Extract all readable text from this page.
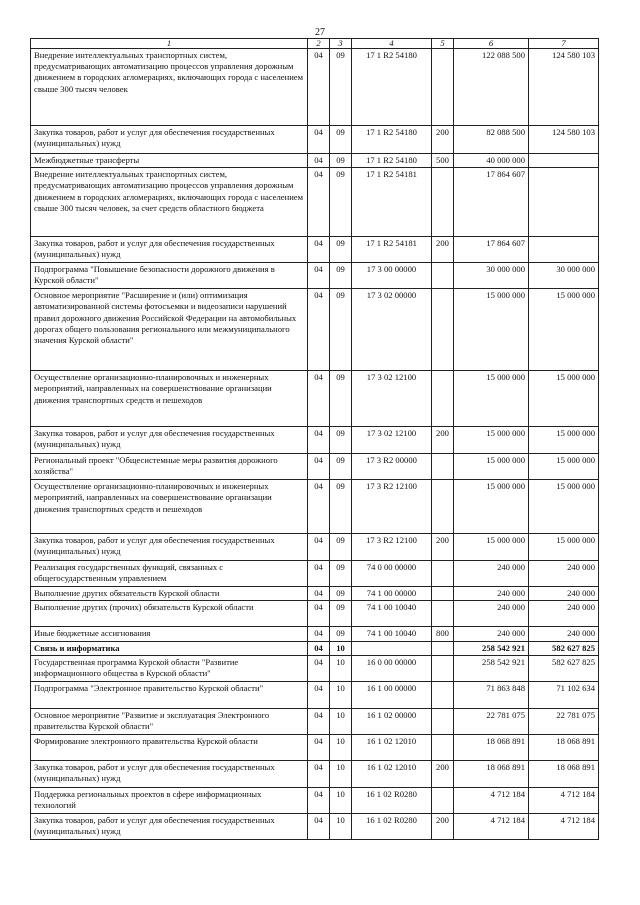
27
1	2	3	4	5	6	7
Внедрение интеллектуальных транспортных систем, предусматривающих автоматизацию процессов управления дорожным движением в городских агломерациях, включающих города с населением свыше 300 тысяч человек	04	09	17 1 R2 54180		122 088 500	124 580 103
Закупка товаров, работ и услуг для обеспечения государственных (муниципальных) нужд	04	09	17 1 R2 54180	200	82 088 500	124 580 103
Межбюджетные трансферты	04	09	17 1 R2 54180	500	40 000 000	
Внедрение интеллектуальных транспортных систем, предусматривающих автоматизацию процессов управления дорожным движением в городских агломерациях, включающих города с населением свыше 300 тысяч человек, за счет средств областного бюджета	04	09	17 1 R2 54181		17 864 607	
Закупка товаров, работ и услуг для обеспечения государственных (муниципальных) нужд	04	09	17 1 R2 54181	200	17 864 607	
Подпрограмма "Повышение безопасности дорожного движения в Курской области"	04	09	17 3 00 00000		30 000 000	30 000 000
Основное мероприятие "Расширение и (или) оптимизация автоматизированной системы фотосъемки и видеозаписи нарушений правил дорожного движения Российской Федерации на автомобильных дорогах общего пользования регионального или межмуниципального значения Курской области"	04	09	17 3 02 00000		15 000 000	15 000 000
Осуществление организационно-планировочных и инженерных мероприятий, направленных на совершенствование организации движения транспортных средств и пешеходов	04	09	17 3 02 12100		15 000 000	15 000 000
Закупка товаров, работ и услуг для обеспечения государственных (муниципальных) нужд	04	09	17 3 02 12100	200	15 000 000	15 000 000
Региональный проект "Общесистемные меры развития дорожного хозяйства"	04	09	17 3 R2 00000		15 000 000	15 000 000
Осуществление организационно-планировочных и инженерных мероприятий, направленных на совершенствование организации движения транспортных средств и пешеходов	04	09	17 3 R2 12100		15 000 000	15 000 000
Закупка товаров, работ и услуг для обеспечения государственных (муниципальных) нужд	04	09	17 3 R2 12100	200	15 000 000	15 000 000
Реализация государственных функций, связанных с общегосударственным управлением	04	09	74 0 00 00000		240 000	240 000
Выполнение других обязательств Курской области	04	09	74 1 00 00000		240 000	240 000
Выполнение других (прочих) обязательств Курской области	04	09	74 1 00 10040		240 000	240 000
Иные бюджетные ассигнования	04	09	74 1 00 10040	800	240 000	240 000
Связь и информатика	04	10			258 542 921	582 627 825
Государственная программа Курской области "Развитие информационного общества в Курской области"	04	10	16 0 00 00000		258 542 921	582 627 825
Подпрограмма "Электронное правительство Курской области"	04	10	16 1 00 00000		71 863 848	71 102 634
Основное мероприятие "Развитие и эксплуатация Электронного правительства Курской области"	04	10	16 1 02 00000		22 781 075	22 781 075
Формирование электронного правительства Курской области	04	10	16 1 02 12010		18 068 891	18 068 891
Закупка товаров, работ и услуг для обеспечения государственных (муниципальных) нужд	04	10	16 1 02 12010	200	18 068 891	18 068 891
Поддержка региональных проектов в сфере информационных технологий	04	10	16 1 02 R0280		4 712 184	4 712 184
Закупка товаров, работ и услуг для обеспечения государственных (муниципальных) нужд	04	10	16 1 02 R0280	200	4 712 184	4 712 184
